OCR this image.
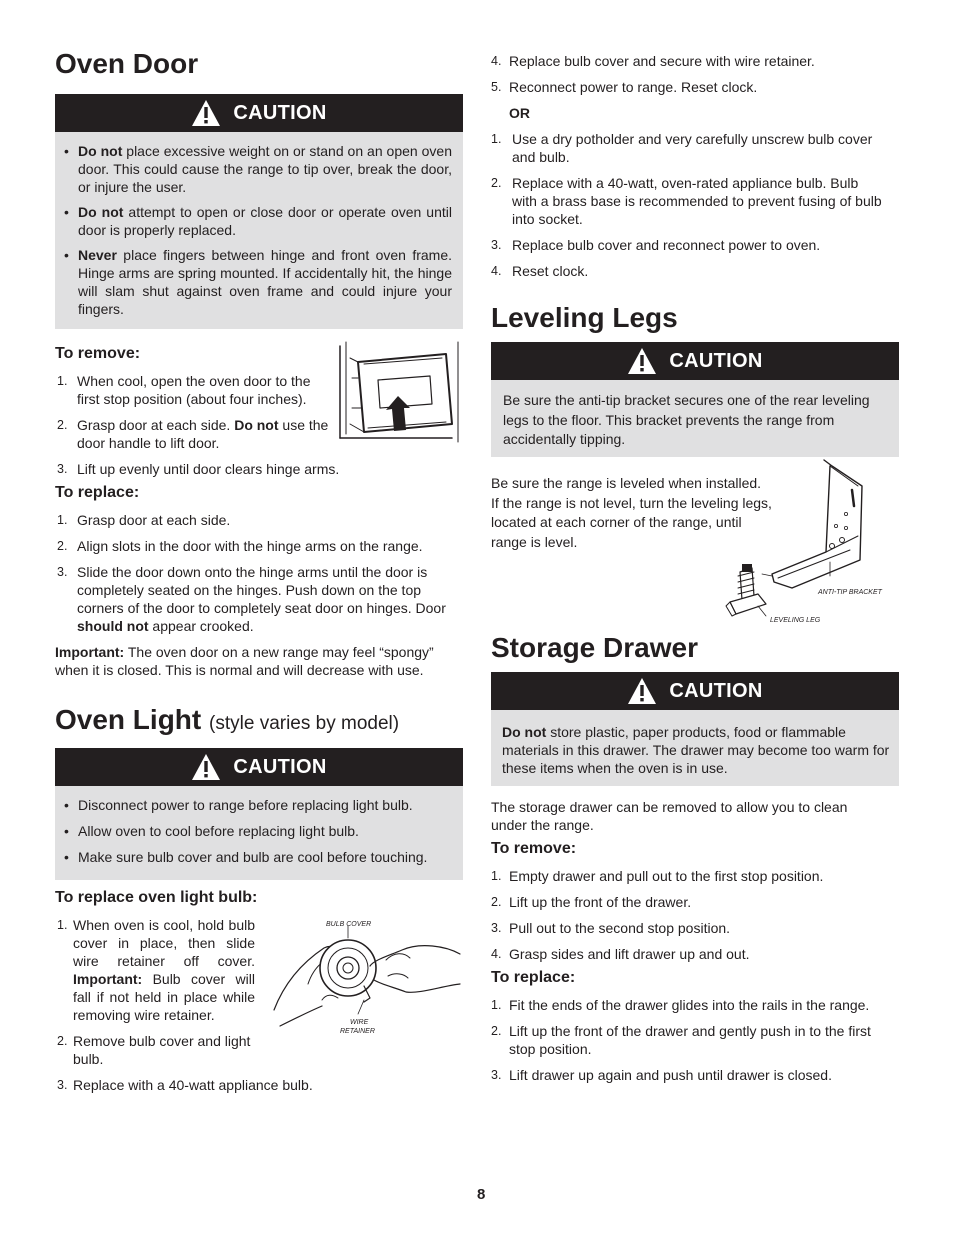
Oven Door
CAUTION
• Do not place excessive weight on or stand on an open oven door. This could cause the range to tip over, break the door, or injure the user.
• Do not attempt to open or close door or operate oven until door is properly replaced.
• Never place fingers between hinge and front oven frame. Hinge arms are spring mounted. If accidentally hit, the hinge will slam shut against oven frame and could injure your fingers.
To remove:
1. When cool, open the oven door to the first stop position (about four inches).
2. Grasp door at each side. Do not use the door handle to lift door.
3. Lift up evenly until door clears hinge arms.
To replace:
1. Grasp door at each side.
2. Align slots in the door with the hinge arms on the range.
3. Slide the door down onto the hinge arms until the door is completely seated on the hinges. Push down on the top corners of the door to completely seat door on hinges. Door should not appear crooked.

Important: The oven door on a new range may feel “spongy” when it is closed. This is normal and will decrease with use.

Oven Light (style varies by model)
CAUTION
• Disconnect power to range before replacing light bulb.
• Allow oven to cool before replacing light bulb.
• Make sure bulb cover and bulb are cool before touching.
To replace oven light bulb:
1. When oven is cool, hold bulb cover in place, then slide wire retainer off cover. Important: Bulb cover will fall if not held in place while removing wire retainer.
2. Remove bulb cover and light bulb.
3. Replace with a 40-watt appliance bulb.
BULB COVER
WIRE
RETAINER
4. Replace bulb cover and secure with wire retainer.
5. Reconnect power to range. Reset clock.
OR
1. Use a dry potholder and very carefully unscrew bulb cover and bulb.
2. Replace with a 40-watt, oven-rated appliance bulb. Bulb with a brass base is recommended to prevent fusing of bulb into socket.
3. Replace bulb cover and reconnect power to oven.
4. Reset clock.
Leveling Legs
CAUTION

Be sure the anti-tip bracket secures one of the rear leveling legs to the floor. This bracket prevents the range from accidentally tipping.

Be sure the range is leveled when installed.
If the range is not level, turn the leveling legs,
located at each corner of the range, until
range is level.
ANTI-TIP BRACKET
LEVELING LEG
Storage Drawer
CAUTION

Do not store plastic, paper products, food or flammable materials in this drawer. The drawer may become too warm for these items when the oven is in use.

The storage drawer can be removed to allow you to clean under the range.

To remove:
1. Empty drawer and pull out to the first stop position.
2. Lift up the front of the drawer.
3. Pull out to the second stop position.
4. Grasp sides and lift drawer up and out.
To replace:
1. Fit the ends of the drawer glides into the rails in the range.
2. Lift up the front of the drawer and gently push in to the first stop position.
3. Lift drawer up again and push until drawer is closed.
8
